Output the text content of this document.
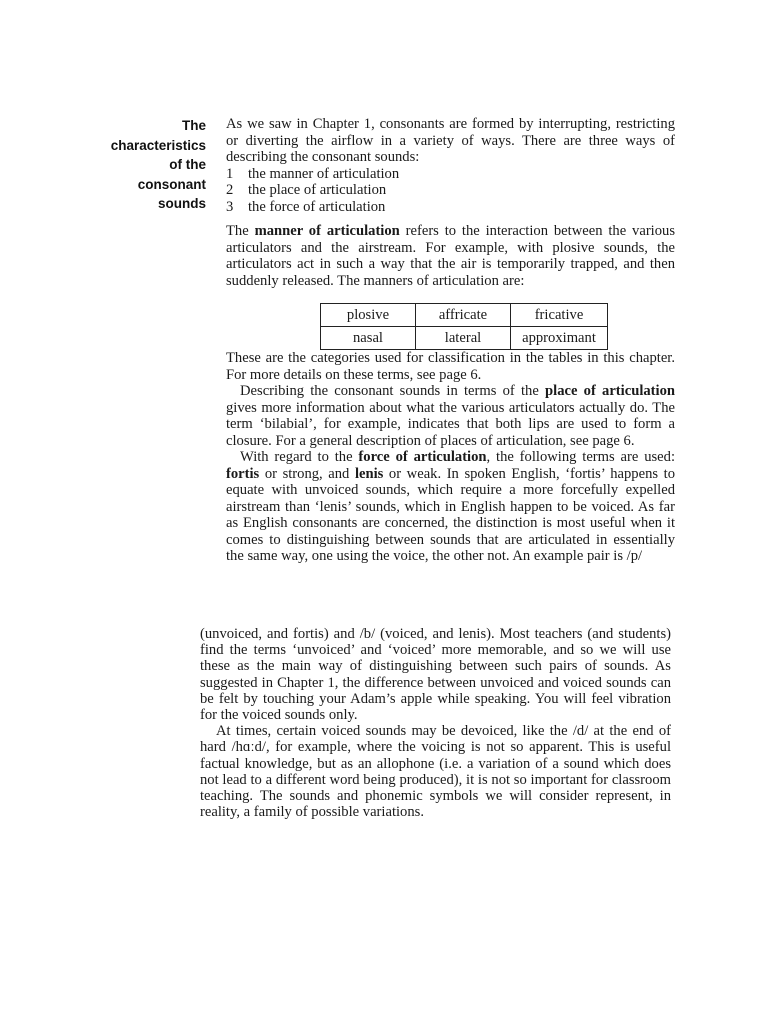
The
characteristics
of the
consonant
sounds

As we saw in Chapter 1, consonants are formed by interrupting, restricting or diverting the airflow in a variety of ways. There are three ways of describing the consonant sounds:

1	the manner of articulation
2	the place of articulation
3	the force of articulation

The manner of articulation refers to the interaction between the various articulators and the airstream. For example, with plosive sounds, the articulators act in such a way that the air is temporarily trapped, and then suddenly released. The manners of articulation are:

plosive	affricate	fricative
nasal	lateral	approximant

These are the categories used for classification in the tables in this chapter. For more details on these terms, see page 6.

Describing the consonant sounds in terms of the place of articulation gives more information about what the various articulators actually do. The term ‘bilabial’, for example, indicates that both lips are used to form a closure. For a general description of places of articulation, see page 6.

With regard to the force of articulation, the following terms are used: fortis or strong, and lenis or weak. In spoken English, ‘fortis’ happens to equate with unvoiced sounds, which require a more forcefully expelled airstream than ‘lenis’ sounds, which in English happen to be voiced. As far as English consonants are concerned, the distinction is most useful when it comes to distinguishing between sounds that are articulated in essentially the same way, one using the voice, the other not. An example pair is /p/

(unvoiced, and fortis) and /b/ (voiced, and lenis). Most teachers (and students) find the terms ‘unvoiced’ and ‘voiced’ more memorable, and so we will use these as the main way of distinguishing between such pairs of sounds. As suggested in Chapter 1, the difference between unvoiced and voiced sounds can be felt by touching your Adam’s apple while speaking. You will feel vibration for the voiced sounds only.

At times, certain voiced sounds may be devoiced, like the /d/ at the end of hard /hɑːd/, for example, where the voicing is not so apparent. This is useful factual knowledge, but as an allophone (i.e. a variation of a sound which does not lead to a different word being produced), it is not so important for classroom teaching. The sounds and phonemic symbols we will consider represent, in reality, a family of possible variations.
